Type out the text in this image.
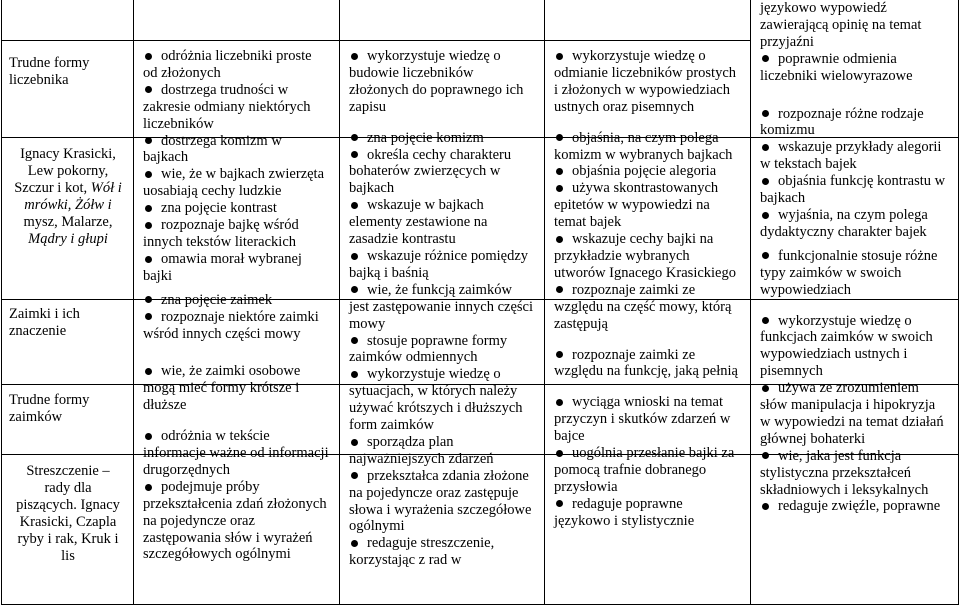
Trudne formy
liczebnika
Ignacy Krasicki,
Lew pokorny,
Szczur i kot, Wół i
mrówki, Żółw i
mysz, Malarze,
Mądry i głupi
Zaimki i ich
znaczenie
Trudne formy
zaimków
Streszczenie –
rady dla
piszących. Ignacy
Krasicki, Czapla
ryby i rak, Kruk i
lis
odróżnia liczebniki proste
od złożonych
dostrzega trudności w
zakresie odmiany niektórych
liczebników
dostrzega komizm w
bajkach
wie, że w bajkach zwierzęta
uosabiają cechy ludzkie
zna pojęcie kontrast
rozpoznaje bajkę wśród
innych tekstów literackich
omawia morał wybranej
bajki
zna pojęcie zaimek
rozpoznaje niektóre zaimki
wśród innych części mowy
wie, że zaimki osobowe
mogą mieć formy krótsze i
dłuższe
odróżnia w tekście
informacje ważne od informacji
drugorzędnych
podejmuje próby
przekształcenia zdań złożonych
na pojedyncze oraz
zastępowania słów i wyrażeń
szczegółowych ogólnymi
wykorzystuje wiedzę o
budowie liczebników
złożonych do poprawnego ich
zapisu
zna pojęcie komizm
określa cechy charakteru
bohaterów zwierzęcych w
bajkach
wskazuje w bajkach
elementy zestawione na
zasadzie kontrastu
wskazuje różnice pomiędzy
bajką i baśnią
wie, że funkcją zaimków
jest zastępowanie innych części
mowy
stosuje poprawne formy
zaimków odmiennych
wykorzystuje wiedzę o
sytuacjach, w których należy
używać krótszych i dłuższych
form zaimków
sporządza plan
najważniejszych zdarzeń
przekształca zdania złożone
na pojedyncze oraz zastępuje
słowa i wyrażenia szczegółowe
ogólnymi
redaguje streszczenie,
korzystając z rad w
wykorzystuje wiedzę o
odmianie liczebników prostych
i złożonych w wypowiedziach
ustnych oraz pisemnych
objaśnia, na czym polega
komizm w wybranych bajkach
objaśnia pojęcie alegoria
używa skontrastowanych
epitetów w wypowiedzi na
temat bajek
wskazuje cechy bajki na
przykładzie wybranych
utworów Ignacego Krasickiego
rozpoznaje zaimki ze
względu na część mowy, którą
zastępują
rozpoznaje zaimki ze
względu na funkcję, jaką pełnią
wyciąga wnioski na temat
przyczyn i skutków zdarzeń w
bajce
uogólnia przesłanie bajki za
pomocą trafnie dobranego
przysłowia
redaguje poprawne
językowo i stylistycznie
językowo wypowiedź
zawierającą opinię na temat
przyjaźni
poprawnie odmienia
liczebniki wielowyrazowe
rozpoznaje różne rodzaje
komizmu
wskazuje przykłady alegorii
w tekstach bajek
objaśnia funkcję kontrastu w
bajkach
wyjaśnia, na czym polega
dydaktyczny charakter bajek
funkcjonalnie stosuje różne
typy zaimków w swoich
wypowiedziach
wykorzystuje wiedzę o
funkcjach zaimków w swoich
wypowiedziach ustnych i
pisemnych
używa ze zrozumieniem
słów manipulacja i hipokryzja
w wypowiedzi na temat działań
głównej bohaterki
wie, jaka jest funkcja
stylistyczna przekształceń
składniowych i leksykalnych
redaguje zwięźle, poprawne
